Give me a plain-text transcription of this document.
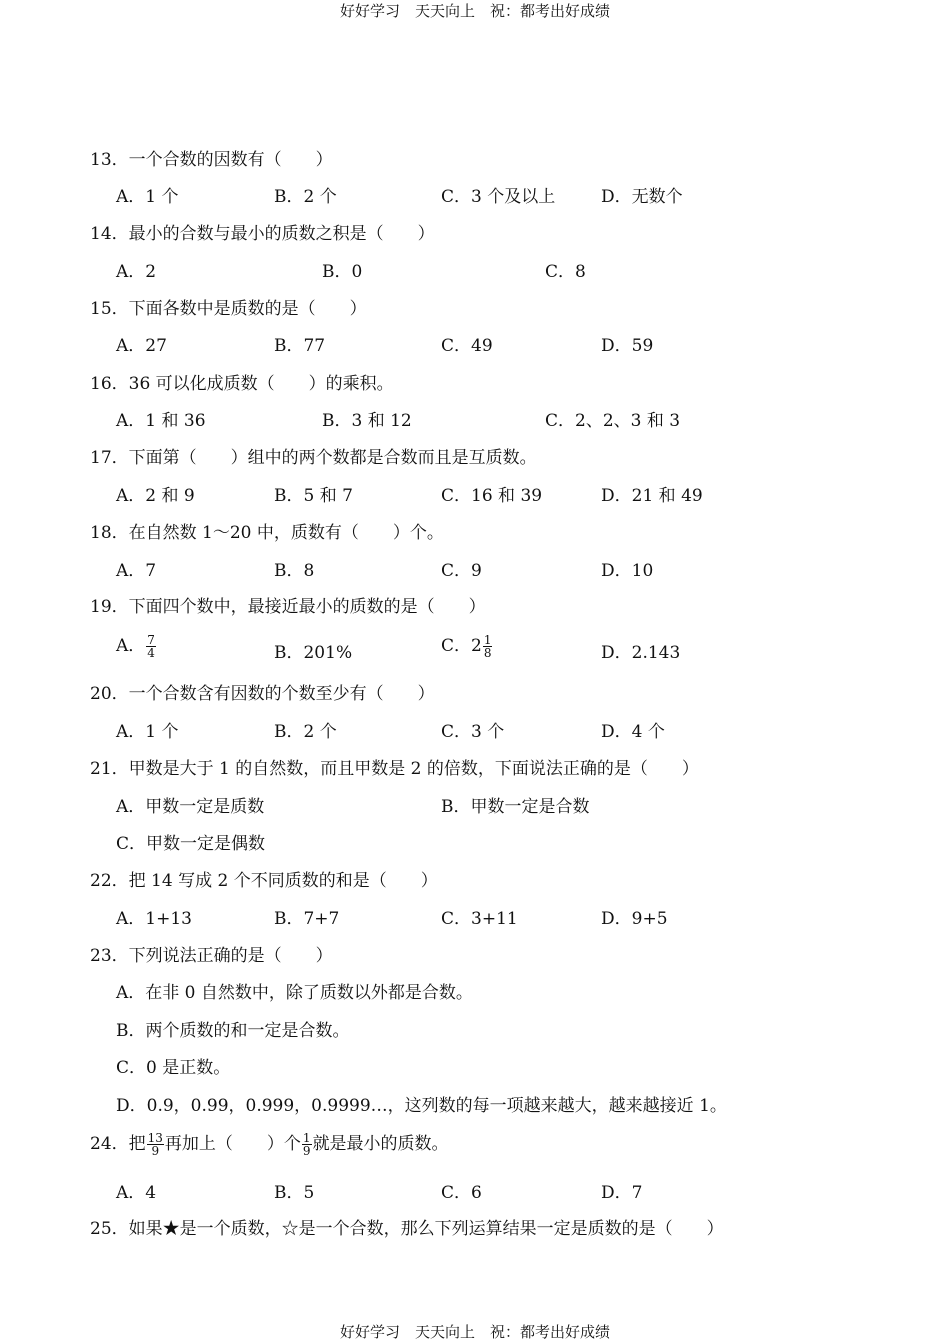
好好学习　天天向上　祝：都考出好成绩
13．一个合数的因数有（　　）
A．1 个	B．2 个	C．3 个及以上	D．无数个
14．最小的合数与最小的质数之积是（　　）
A．2	B．0	C．8
15．下面各数中是质数的是（　　）
A．27	B．77	C．49	D．59
16．36 可以化成质数（　　）的乘积。
A．1 和 36	B．3 和 12	C．2、2、3 和 3
17．下面第（　　）组中的两个数都是合数而且是互质数。
A．2 和 9	B．5 和 7	C．16 和 39	D．21 和 49
18．在自然数 1～20 中，质数有（　　）个。
A．7	B．8	C．9	D．10
19．下面四个数中，最接近最小的质数的是（　　）
A． $\frac{7}{4}$	B．201%	C．$2 \frac{1}{8}$	D．2.143
20．一个合数含有因数的个数至少有（　　）
A．1 个	B．2 个	C．3 个	D．4 个
21．甲数是大于 1 的自然数，而且甲数是 2 的倍数，下面说法正确的是（　　）
A．甲数一定是质数	B．甲数一定是合数
C．甲数一定是偶数
22．把 14 写成 2 个不同质数的和是（　　）
A．1+13	B．7+7	C．3+11	D．9+5
23．下列说法正确的是（　　）
A．在非 0 自然数中，除了质数以外都是合数。
B．两个质数的和一定是合数。
C．0 是正数。
D．0.9，0.99，0.999，0.9999…，这列数的每一项越来越大，越来越接近 1。
24．把 $\frac{13}{9}$ 再加上（　　）个 $\frac{1}{9}$ 就是最小的质数。
A．4	B．5	C．6	D．7
25．如果★是一个质数，☆是一个合数，那么下列运算结果一定是质数的是（　　）
好好学习　天天向上　祝：都考出好成绩
